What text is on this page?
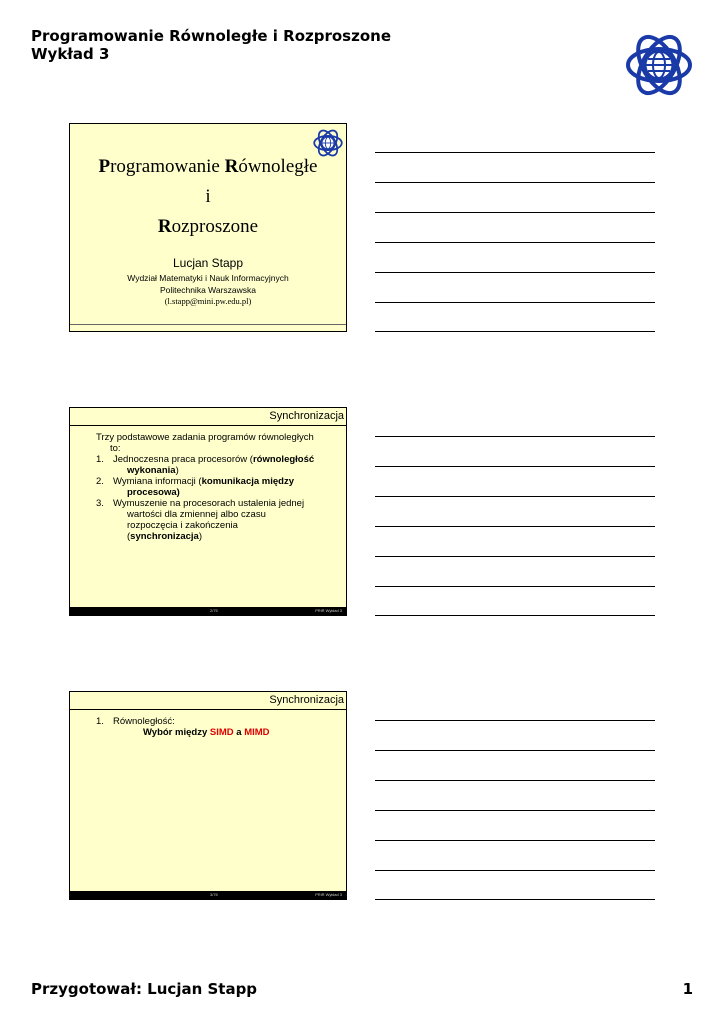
Programowanie Równoległe i Rozproszone
Wykład 3
Programowanie Równoległe
i
Rozproszone
Lucjan Stapp
Wydział Matematyki i Nauk Informacyjnych
Politechnika Warszawska
(l.stapp@mini.pw.edu.pl)
Synchronizacja
Trzy podstawowe zadania programów równoległych
to:
1. Jednoczesna praca procesorów (równoległość
wykonania)
2. Wymiana informacji (komunikacja między
procesowa)
3. Wymuszenie na procesorach ustalenia jednej
wartości dla zmiennej albo czasu
rozpoczęcia i zakończenia
(synchronizacja)
2/75	PRiR Wykład 3
Synchronizacja
1. Równoległość:
Wybór między SIMD a MIMD
3/75	PRiR Wykład 3
Przygotował: Lucjan Stapp	1
